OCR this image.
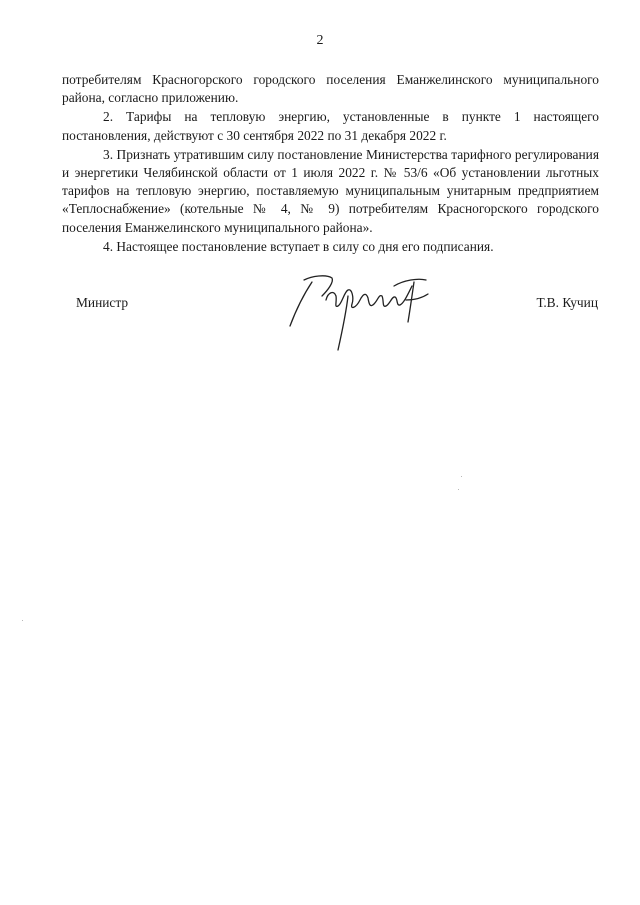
2

потребителям Красногорского городского поселения Еманжелинского муниципального района, согласно приложению.

2. Тарифы на тепловую энергию, установленные в пункте 1 настоящего постановления, действуют с 30 сентября 2022 по 31 декабря 2022 г.

3. Признать утратившим силу постановление Министерства тарифного регулирования и энергетики Челябинской области от 1 июля 2022 г. № 53/6 «Об установлении льготных тарифов на тепловую энергию, поставляемую муниципальным унитарным предприятием «Теплоснабжение» (котельные № 4, № 9) потребителям Красногорского городского поселения Еманжелинского муниципального района».

4. Настоящее постановление вступает в силу со дня его подписания.

Министр	Т.В. Кучиц
